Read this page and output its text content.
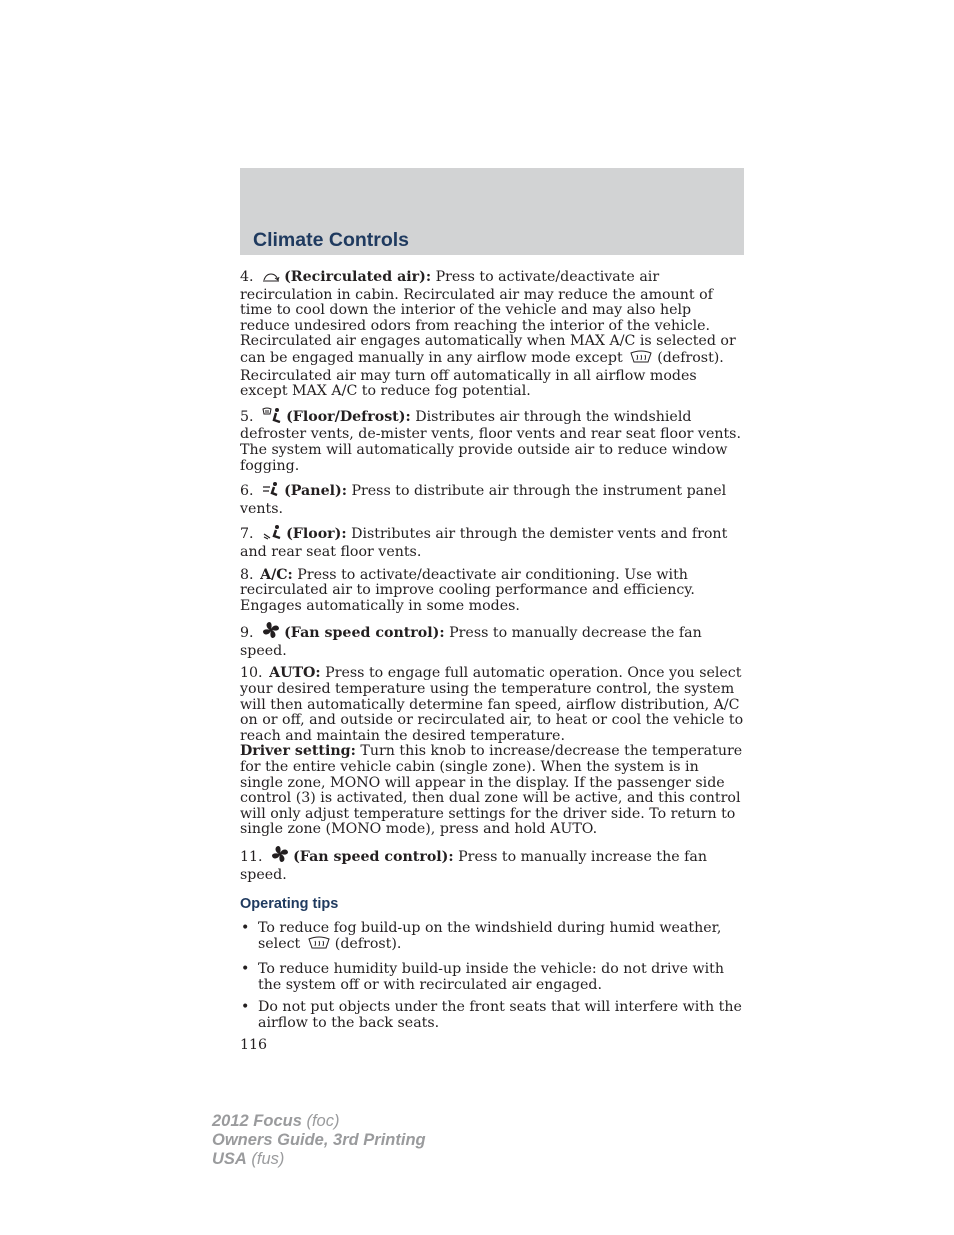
Climate Controls

4. (Recirculated air): Press to activate/deactivate air recirculation in cabin. Recirculated air may reduce the amount of time to cool down the interior of the vehicle and may also help reduce undesired odors from reaching the interior of the vehicle. Recirculated air engages automatically when MAX A/C is selected or can be engaged manually in any airflow mode except (defrost). Recirculated air may turn off automatically in all airflow modes except MAX A/C to reduce fog potential.

5. (Floor/Defrost): Distributes air through the windshield defroster vents, de-mister vents, floor vents and rear seat floor vents. The system will automatically provide outside air to reduce window fogging.

6. (Panel): Press to distribute air through the instrument panel vents.

7. (Floor): Distributes air through the demister vents and front and rear seat floor vents.

8. A/C: Press to activate/deactivate air conditioning. Use with recirculated air to improve cooling performance and efficiency. Engages automatically in some modes.

9. (Fan speed control): Press to manually decrease the fan speed.

10. AUTO: Press to engage full automatic operation. Once you select your desired temperature using the temperature control, the system will then automatically determine fan speed, airflow distribution, A/C on or off, and outside or recirculated air, to heat or cool the vehicle to reach and maintain the desired temperature.
Driver setting: Turn this knob to increase/decrease the temperature for the entire vehicle cabin (single zone). When the system is in single zone, MONO will appear in the display. If the passenger side control (3) is activated, then dual zone will be active, and this control will only adjust temperature settings for the driver side. To return to single zone (MONO mode), press and hold AUTO.

11. (Fan speed control): Press to manually increase the fan speed.

Operating tips
• To reduce fog build-up on the windshield during humid weather, select (defrost).
• To reduce humidity build-up inside the vehicle: do not drive with the system off or with recirculated air engaged.
• Do not put objects under the front seats that will interfere with the airflow to the back seats.
116
2012 Focus (foc)
Owners Guide, 3rd Printing
USA (fus)
